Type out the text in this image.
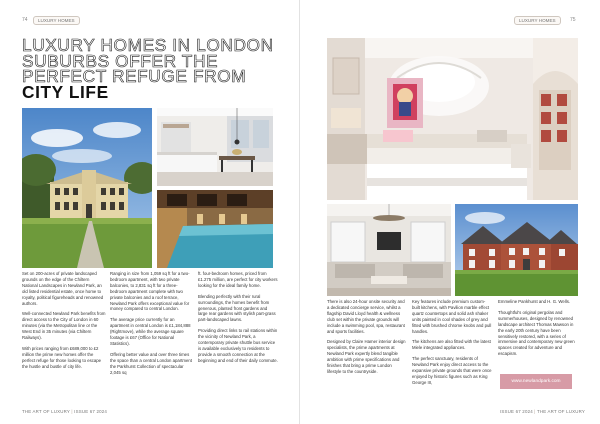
74	LUXURY HOMES
LUXURY HOMES IN LONDON SUBURBS OFFER THE PERFECT REFUGE FROM CITY LIFE

Set on 200-acres of private landscaped grounds on the edge of the Chiltern National Landscapes in Newland Park, an old listed residential estate, once home to royalty, political figureheads and renowned authors.

Well-connected Newland Park benefits from direct access to the City of London in 60 minutes (via the Metropolitan line or the West End in 35 minutes (via Chiltern Railways).

With prices ranging from £689,000 to £2 million the prime new homes offer the perfect refuge for those looking to escape the hustle and bustle of city life.

Ranging in size from 1,059 sq ft for a two-bedroom apartment, with two private balconies, to 2,831 sq ft for a three-bedroom apartment complete with two private balconies and a roof terrace, Newland Park offers exceptional value for money compared to central London.

The average price currently for an apartment in central London is £1,184,888 (Rightmove), while the average square footage is £67 (Office for National Statistics).

Offering better value and over three times the space than a central London apartment the Parkhurst Collection of spectacular 2,045 sq

ft. four-bedroom homes, priced from £1.275 million, are perfect for city workers looking for the ideal family home.

Blending perfectly with their rural surroundings, the homes benefit from generous, planted front gardens and large rear gardens with stylish part-grass part-landscaped lawns.

Providing direct links to rail stations within the vicinity of Newland Park, a contemporary private shuttle bus service is available exclusively to residents to provide a smooth connection at the beginning and end of their daily commute.

THE ART OF LUXURY | ISSUE 67 2024
LUXURY HOMES	75

There is also 24-hour onsite security and a dedicated concierge service, whilst a flagship David Lloyd health & wellness club set within the private grounds will include a swimming pool, spa, restaurant and sports facilities.

Designed by Claire Hamer interior design specialists, the prime apartments at Newland Park expertly blend tangible ambition with prime specifications and finishes that bring a prime London lifestyle to the countryside.

Key features include premium custom-built kitchens, with Pavilion marble effect quartz countertops and solid ash shaker units painted in cool shades of grey and fitted with brushed chrome knobs and pull handles.

The kitchens are also fitted with the latest Miele integrated appliances.

The perfect sanctuary, residents of Newland Park enjoy direct access to the expansive private grounds that were once enjoyed by historic figures such as King George III,

Emmeline Pankhurst and H. G. Wells.

Thoughtful's original pergolas and summerhouses, designed by renowned landscape architect Thomas Mawson in the early 20th century have been sensitively restored, with a series of immersive and contemporary new green spaces created for adventure and escapism.

www.newlandpark.com
ISSUE 67 2024 | THE ART OF LUXURY
